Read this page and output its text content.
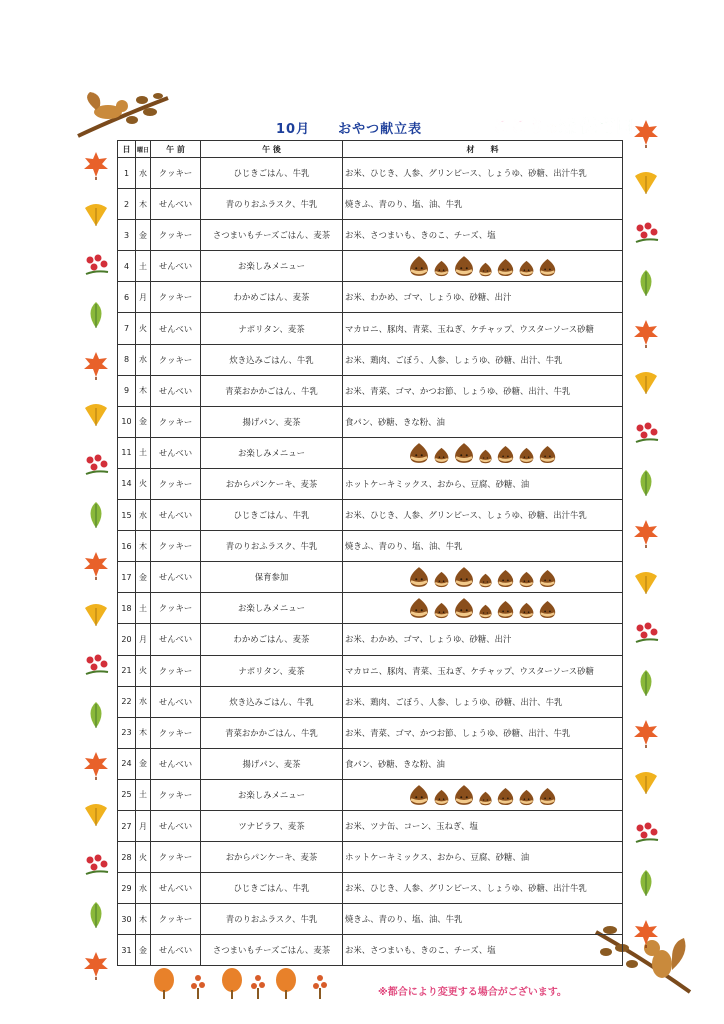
10月　　 おやつ献立表	ここりの森 保育園
日	曜日	午 前	午 後	材　　料
1	水	クッキー	ひじきごはん、牛乳	お米、ひじき、人参、グリンピース、しょうゆ、砂糖、出汁牛乳
2	木	せんべい	青のりおふラスク、牛乳	焼きふ、青のり、塩、油、牛乳
3	金	クッキー	さつまいもチーズごはん、麦茶	お米、さつまいも、きのこ、チーズ、塩
4	土	せんべい	お楽しみメニュー	

6	月	クッキー	わかめごはん、麦茶	お米、わかめ、ゴマ、しょうゆ、砂糖、出汁
7	火	せんべい	ナポリタン、麦茶	マカロニ、豚肉、青菜、玉ねぎ、ケチャップ、ウスターソース砂糖
8	水	クッキー	炊き込みごはん、牛乳	お米、鶏肉、ごぼう、人参、しょうゆ、砂糖、出汁、牛乳
9	木	せんべい	青菜おかかごはん、牛乳	お米、青菜、ゴマ、かつお節、しょうゆ、砂糖、出汁、牛乳
10	金	クッキー	揚げパン、麦茶	食パン、砂糖、きな粉、油
11	土	せんべい	お楽しみメニュー	

14	火	クッキー	おからパンケーキ、麦茶	ホットケーキミックス、おから、豆腐、砂糖、油
15	水	せんべい	ひじきごはん、牛乳	お米、ひじき、人参、グリンピース、しょうゆ、砂糖、出汁牛乳
16	木	クッキー	青のりおふラスク、牛乳	焼きふ、青のり、塩、油、牛乳
17	金	せんべい	保育参加	

18	土	クッキー	お楽しみメニュー	

20	月	せんべい	わかめごはん、麦茶	お米、わかめ、ゴマ、しょうゆ、砂糖、出汁
21	火	クッキー	ナポリタン、麦茶	マカロニ、豚肉、青菜、玉ねぎ、ケチャップ、ウスターソース砂糖
22	水	せんべい	炊き込みごはん、牛乳	お米、鶏肉、ごぼう、人参、しょうゆ、砂糖、出汁、牛乳
23	木	クッキー	青菜おかかごはん、牛乳	お米、青菜、ゴマ、かつお節、しょうゆ、砂糖、出汁、牛乳
24	金	せんべい	揚げパン、麦茶	食パン、砂糖、きな粉、油
25	土	クッキー	お楽しみメニュー	

27	月	せんべい	ツナピラフ、麦茶	お米、ツナ缶、コーン、玉ねぎ、塩
28	火	クッキー	おからパンケーキ、麦茶	ホットケーキミックス、おから、豆腐、砂糖、油
29	水	せんべい	ひじきごはん、牛乳	お米、ひじき、人参、グリンピース、しょうゆ、砂糖、出汁牛乳
30	木	クッキー	青のりおふラスク、牛乳	焼きふ、青のり、塩、油、牛乳
31	金	せんべい	さつまいもチーズごはん、麦茶	お米、さつまいも、きのこ、チーズ、塩
※都合により変更する場合がございます。
